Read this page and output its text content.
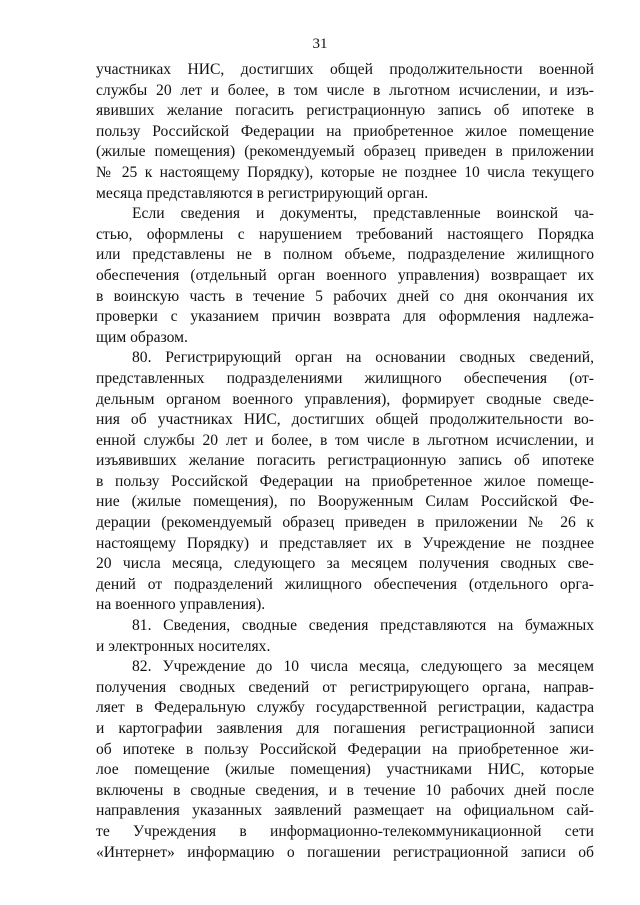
31
участниках НИС, достигших общей продолжительности военной
службы 20 лет и более, в том числе в льготном исчислении, и изъ-
явивших желание погасить регистрационную запись об ипотеке в
пользу Российской Федерации на приобретенное жилое помещение
(жилые помещения) (рекомендуемый образец приведен в приложении
№ 25 к настоящему Порядку), которые не позднее 10 числа текущего
месяца представляются в регистрирующий орган.
Если сведения и документы, представленные воинской ча-
стью, оформлены с нарушением требований настоящего Порядка
или представлены не в полном объеме, подразделение жилищного
обеспечения (отдельный орган военного управления) возвращает их
в воинскую часть в течение 5 рабочих дней со дня окончания их
проверки с указанием причин возврата для оформления надлежа-
щим образом.
80. Регистрирующий орган на основании сводных сведений,
представленных подразделениями жилищного обеспечения (от-
дельным органом военного управления), формирует сводные сведе-
ния об участниках НИС, достигших общей продолжительности во-
енной службы 20 лет и более, в том числе в льготном исчислении, и
изъявивших желание погасить регистрационную запись об ипотеке
в пользу Российской Федерации на приобретенное жилое помеще-
ние (жилые помещения), по Вооруженным Силам Российской Фе-
дерации (рекомендуемый образец приведен в приложении № 26 к
настоящему Порядку) и представляет их в Учреждение не позднее
20 числа месяца, следующего за месяцем получения сводных све-
дений от подразделений жилищного обеспечения (отдельного орга-
на военного управления).
81. Сведения, сводные сведения представляются на бумажных
и электронных носителях.
82. Учреждение до 10 числа месяца, следующего за месяцем
получения сводных сведений от регистрирующего органа, направ-
ляет в Федеральную службу государственной регистрации, кадастра
и картографии заявления для погашения регистрационной записи
об ипотеке в пользу Российской Федерации на приобретенное жи-
лое помещение (жилые помещения) участниками НИС, которые
включены в сводные сведения, и в течение 10 рабочих дней после
направления указанных заявлений размещает на официальном сай-
те Учреждения в информационно-телекоммуникационной сети
«Интернет» информацию о погашении регистрационной записи об
